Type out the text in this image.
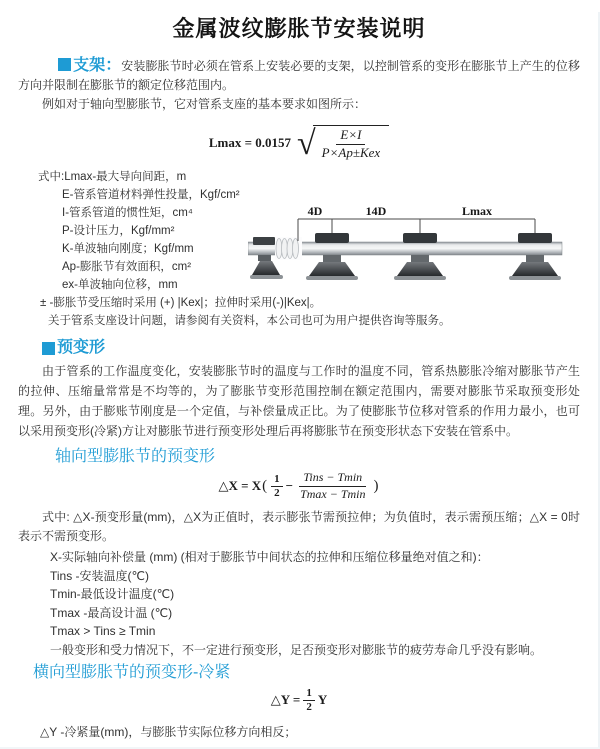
金属波纹膨胀节安装说明

支架：安装膨胀节时必须在管系上安装必要的支架，以控制管系的变形在膨胀节上产生的位移方向并限制在膨胀节的额定位移范围内。

例如对于轴向型膨胀节，它对管系支座的基本要求如图所示：

Lmax = 0.0157 √ $\frac{E\times I}{\text{P×Ap±Kex}}$
式中:Lmax-最大导向间距，m
E-管系管道材料弹性投量，Kgf/cm²
I-管系管道的惯性矩，cm⁴
P-设计压力，Kgf/mm²
K-单波轴向刚度；Kgf/mm
Ap-膨胀节有效面积，cm²
ex-单波轴向位移，mm
± -膨胀节受压缩时采用 (+) |Kex|；拉伸时采用(-)|Kex|。
关于管系支座设计问题，请参阅有关资料，本公司也可为用户提供咨询等服务。
4D	14D	Lmax
预变形

由于管系的工作温度变化，安装膨胀节时的温度与工作时的温度不同，管系热膨胀冷缩对膨胀节产生的拉伸、压缩量常常是不均等的，为了膨胀节变形范围控制在额定范围内，需要对膨胀节采取预变形处理。另外，由于膨账节刚度是一个定值，与补偿量成正比。为了使膨胀节位移对管系的作用力最小，也可以采用预变形(冷紧)方让对膨胀节进行预变形处理后再将膨胀节在预变形状态下安装在管系中。

轴向型膨胀节的预变形
△X = X ( $\frac{1}{2} - \frac{\text{Tins − Tmin}}{Tmax - Tmin}$ )

式中: △X-预变形量(mm)，△X为正值时，表示膨张节需预拉伸；为负值时，表示需预压缩；△X = 0时表示不需预变形。

X-实际轴向补偿量 (mm) (相对于膨胀节中间状态的拉伸和压缩位移量绝对值之和)：
Tins -安装温度(℃)
Tmin-最低设计温度(℃)
Tmax -最高设计温 (℃)
Tmax > Tins ≥ Tmin
一般变形和受力情况下，不一定进行预变形，足否预变形对膨胀节的疲劳寿命几乎没有影响。
横向型膨胀节的预变形-冷紧
△Y = $\frac{1}{2}$ Y

△Y -冷紧量(mm)，与膨胀节实际位移方向相反；
